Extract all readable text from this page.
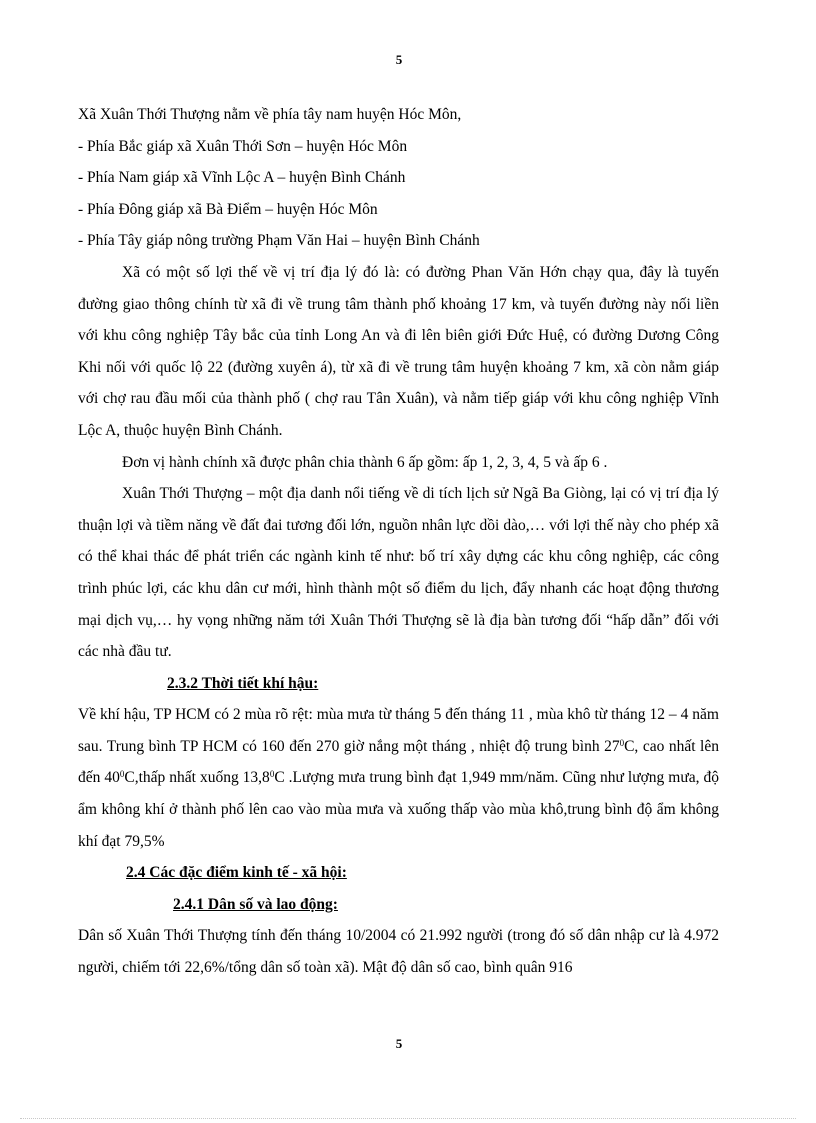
5

Xã Xuân Thới Thượng nằm về phía tây nam huyện Hóc Môn,

- Phía Bắc giáp xã Xuân Thới Sơn – huyện Hóc Môn

- Phía Nam giáp xã Vĩnh Lộc A – huyện Bình Chánh

- Phía Đông giáp xã Bà Điểm – huyện Hóc Môn

- Phía Tây giáp nông trường Phạm Văn Hai – huyện Bình Chánh

Xã có một số lợi thế về vị trí địa lý đó là: có đường Phan Văn Hớn chạy qua, đây là tuyến đường giao thông chính từ xã đi về trung tâm thành phố khoảng 17 km, và tuyến đường này nối liền với khu công nghiệp Tây bắc của tỉnh Long An và đi lên biên giới Đức Huệ, có đường Dương Công Khi nối với quốc lộ 22 (đường xuyên á), từ xã đi về trung tâm huyện khoảng 7 km, xã còn nằm giáp với chợ rau đầu mối của thành phố ( chợ rau Tân Xuân), và nằm tiếp giáp với khu công nghiệp Vĩnh Lộc A, thuộc huyện Bình Chánh.

Đơn vị hành chính xã được phân chia thành 6 ấp gồm: ấp 1, 2, 3, 4, 5 và ấp 6 .

Xuân Thới Thượng – một địa danh nổi tiếng về di tích lịch sử Ngã Ba Giòng, lại có vị trí địa lý thuận lợi và tiềm năng về đất đai tương đối lớn, nguồn nhân lực dồi dào,… với lợi thế này cho phép xã có thể khai thác để phát triển các ngành kinh tế như: bố trí xây dựng các khu công nghiệp, các công trình phúc lợi, các khu dân cư mới, hình thành một số điểm du lịch, đẩy nhanh các hoạt động thương mại dịch vụ,… hy vọng những năm tới Xuân Thới Thượng sẽ là địa bàn tương đối “hấp dẫn” đối với các nhà đầu tư.

2.3.2 Thời tiết khí hậu:

Về khí hậu, TP HCM có 2 mùa rõ rệt: mùa mưa từ tháng 5 đến tháng 11 , mùa khô từ tháng 12 – 4 năm sau. Trung bình TP HCM có 160 đến 270 giờ nắng một tháng , nhiệt độ trung bình $27^0C$, cao nhất lên đến $40^0C,thấp$ nhất xuống 13,8$^0$C .Lượng mưa trung bình đạt 1,949 mm/năm. Cũng như lượng mưa, độ ẩm không khí ở thành phố lên cao vào mùa mưa và xuống thấp vào mùa khô,trung bình độ ẩm không khí đạt 79,5%

2.4 Các đặc điểm kinh tế - xã hội:

2.4.1 Dân số và lao động:

Dân số Xuân Thới Thượng tính đến tháng 10/2004 có 21.992 người (trong đó số dân nhập cư là 4.972 người, chiếm tới 22,6%/tổng dân số toàn xã). Mật độ dân số cao, bình quân 916

5
